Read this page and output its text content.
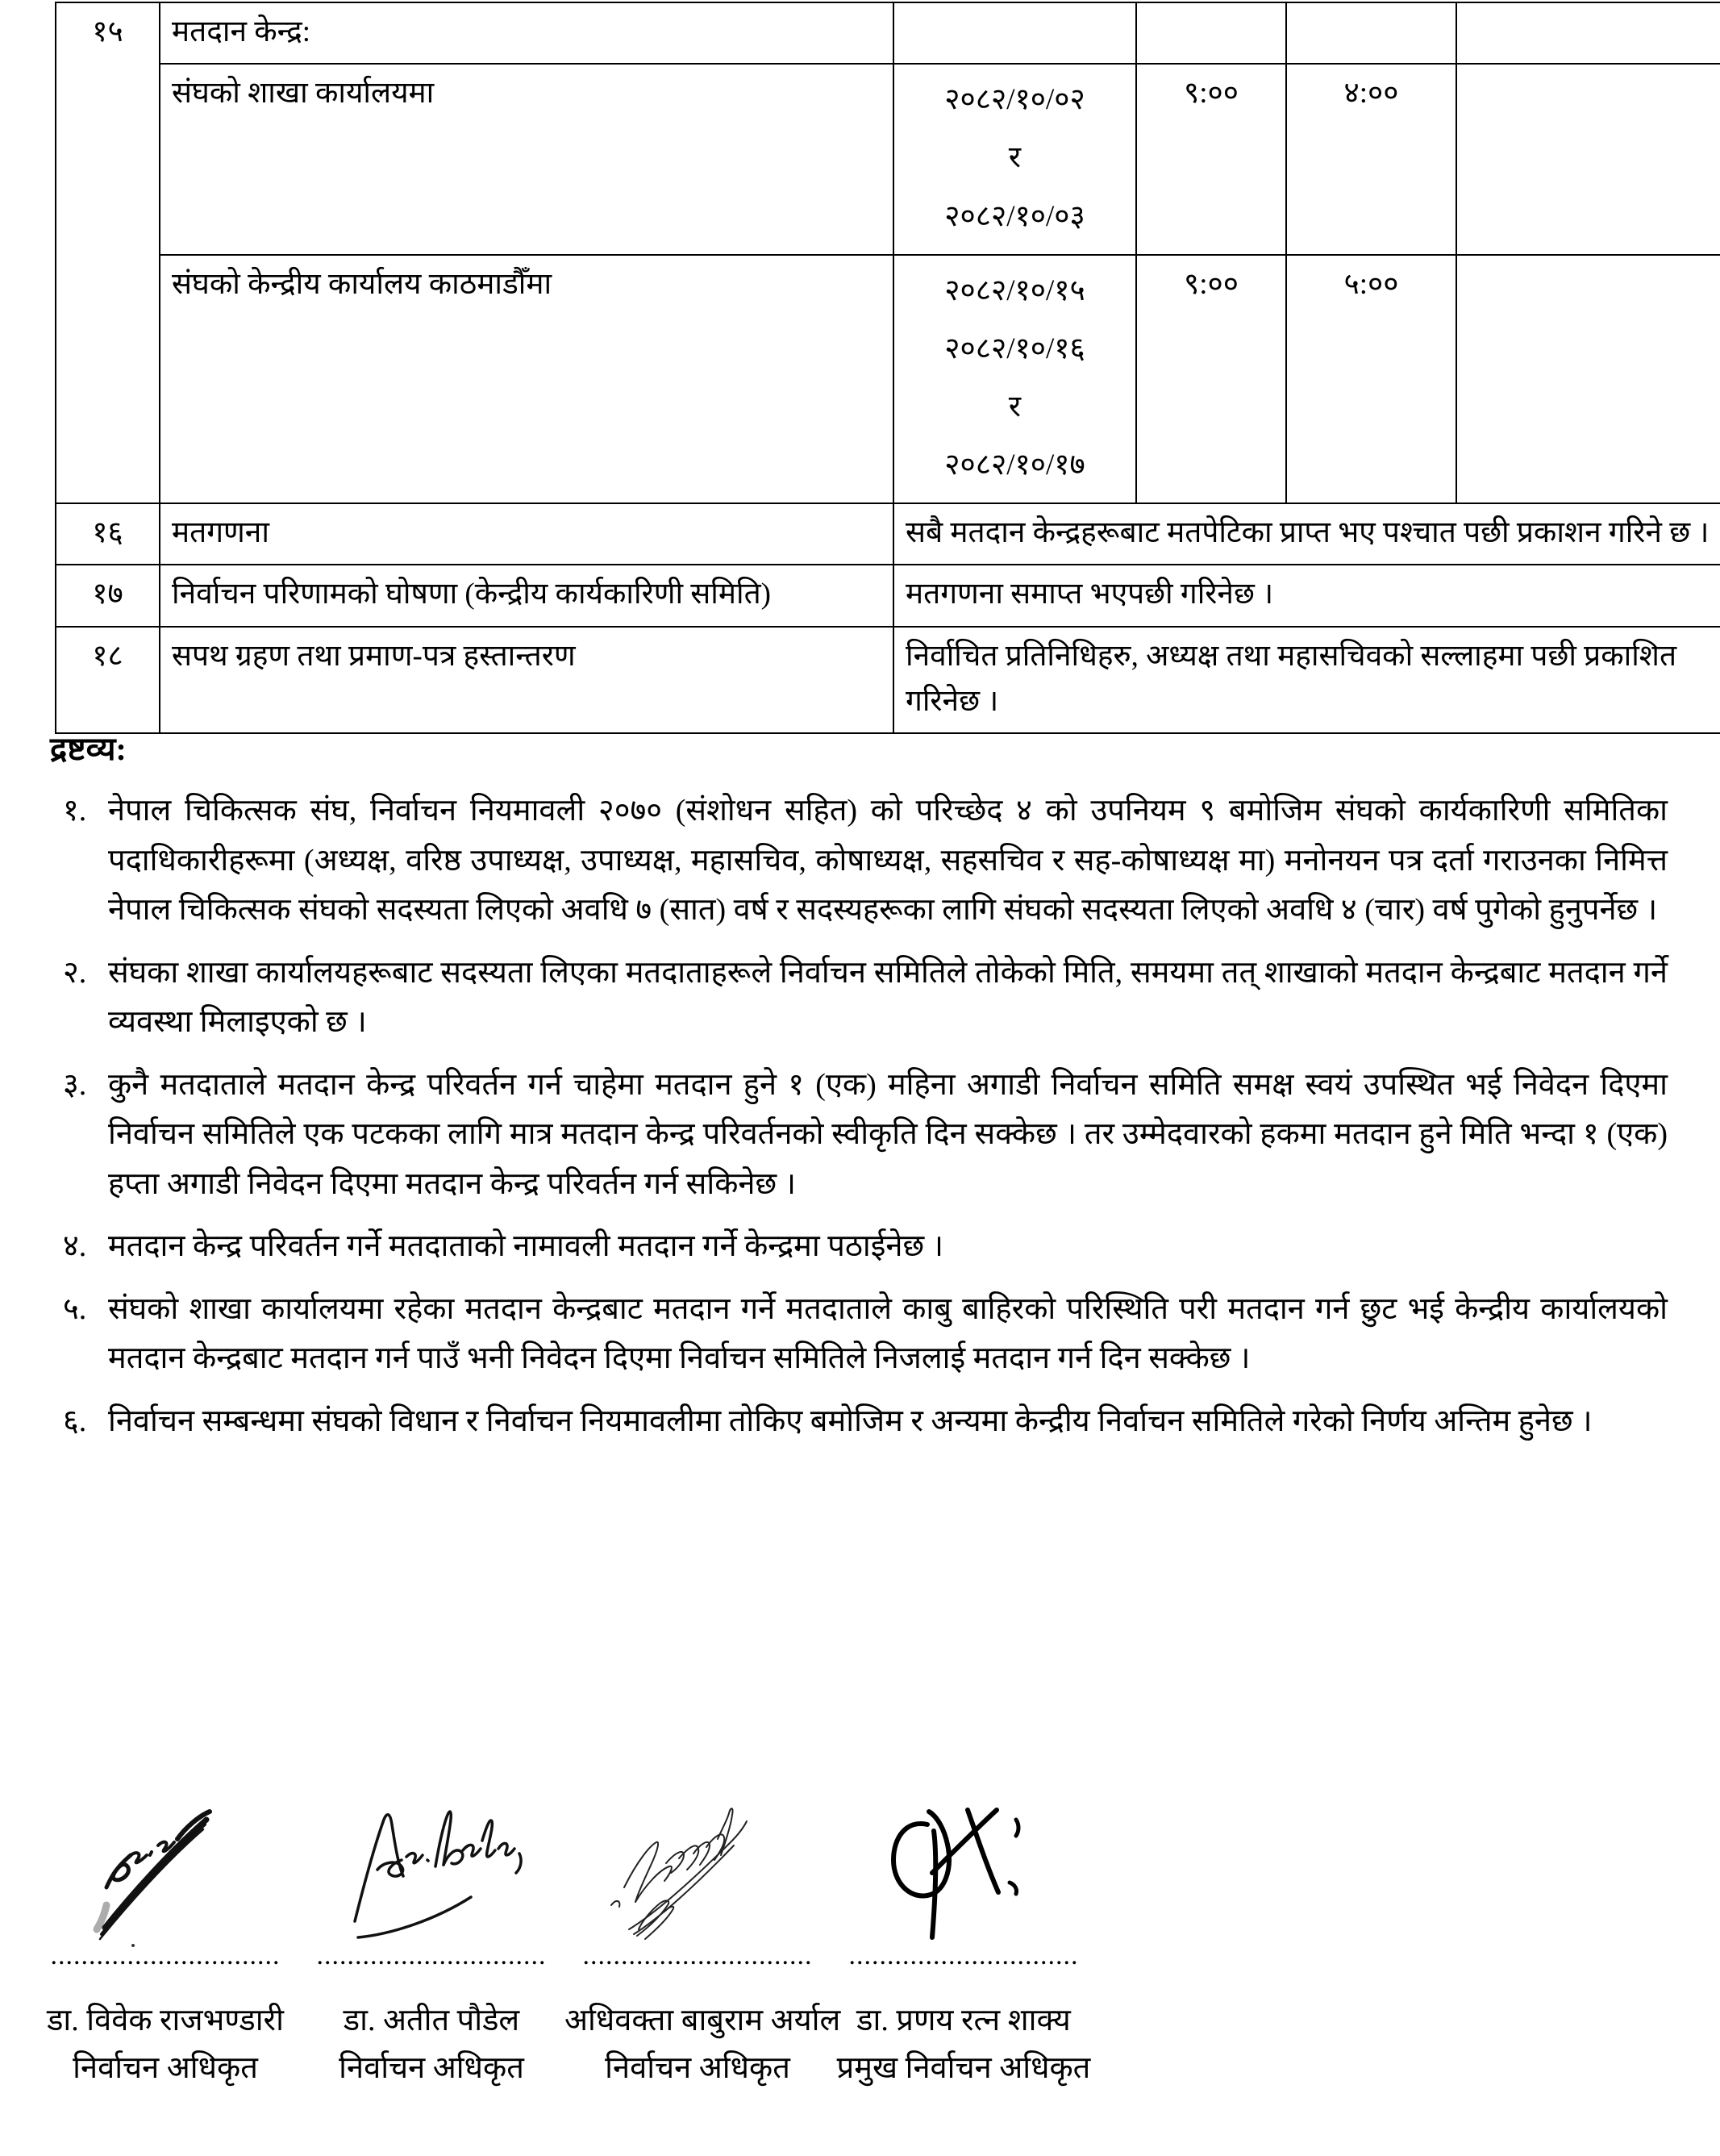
१५	मतदान केन्द्र:				
	संघको शाखा कार्यालयमा	२०८२/१०/०२
र
२०८२/१०/०३	९:००	४:००	
	संघको केन्द्रीय कार्यालय काठमाडौँमा	२०८२/१०/१५
२०८२/१०/१६
र
२०८२/१०/१७	९:००	५:००	
१६	मतगणना	सबै मतदान केन्द्रहरूबाट मतपेटिका प्राप्त भए पश्चात पछी प्रकाशन गरिने छ ।			
१७	निर्वाचन परिणामको घोषणा (केन्द्रीय कार्यकारिणी समिति)	मतगणना समाप्त भएपछी गरिनेछ ।			
१८	सपथ ग्रहण तथा प्रमाण-पत्र हस्तान्तरण	निर्वाचित प्रतिनिधिहरु, अध्यक्ष तथा महासचिवको सल्लाहमा पछी प्रकाशित गरिनेछ ।			
द्रष्टव्य:
१. नेपाल चिकित्सक संघ, निर्वाचन नियमावली २०७० (संशोधन सहित) को परिच्छेद ४ को उपनियम ९ बमोजिम संघको कार्यकारिणी समितिका पदाधिकारीहरूमा (अध्यक्ष, वरिष्ठ उपाध्यक्ष, उपाध्यक्ष, महासचिव, कोषाध्यक्ष, सहसचिव र सह-कोषाध्यक्ष मा) मनोनयन पत्र दर्ता गराउनका निमित्त नेपाल चिकित्सक संघको सदस्यता लिएको अवधि ७ (सात) वर्ष र सदस्यहरूका लागि संघको सदस्यता लिएको अवधि ४ (चार) वर्ष पुगेको हुनुपर्नेछ ।
२. संघका शाखा कार्यालयहरूबाट सदस्यता लिएका मतदाताहरूले निर्वाचन समितिले तोकेको मिति, समयमा तत् शाखाको मतदान केन्द्रबाट मतदान गर्ने व्यवस्था मिलाइएको छ ।
३. कुनै मतदाताले मतदान केन्द्र परिवर्तन गर्न चाहेमा मतदान हुने १ (एक) महिना अगाडी निर्वाचन समिति समक्ष स्वयं उपस्थित भई निवेदन दिएमा निर्वाचन समितिले एक पटकका लागि मात्र मतदान केन्द्र परिवर्तनको स्वीकृति दिन सक्केछ । तर उम्मेदवारको हकमा मतदान हुने मिति भन्दा १ (एक) हप्ता अगाडी निवेदन दिएमा मतदान केन्द्र परिवर्तन गर्न सकिनेछ ।
४. मतदान केन्द्र परिवर्तन गर्ने मतदाताको नामावली मतदान गर्ने केन्द्रमा पठाईनेछ ।
५. संघको शाखा कार्यालयमा रहेका मतदान केन्द्रबाट मतदान गर्ने मतदाताले काबु बाहिरको परिस्थिति परी मतदान गर्न छुट भई केन्द्रीय कार्यालयको मतदान केन्द्रबाट मतदान गर्न पाउँ भनी निवेदन दिएमा निर्वाचन समितिले निजलाई मतदान गर्न दिन सक्केछ ।
६. निर्वाचन सम्बन्धमा संघको विधान र निर्वाचन नियमावलीमा तोकिए बमोजिम र अन्यमा केन्द्रीय निर्वाचन समितिले गरेको निर्णय अन्तिम हुनेछ ।
..............................
डा. विवेक राजभण्डारी
निर्वाचन अधिकृत
..............................
डा. अतीत पौडेल
निर्वाचन अधिकृत
..............................
अधिवक्ता बाबुराम अर्याल
निर्वाचन अधिकृत
..............................
डा. प्रणय रत्न शाक्य
प्रमुख निर्वाचन अधिकृत
